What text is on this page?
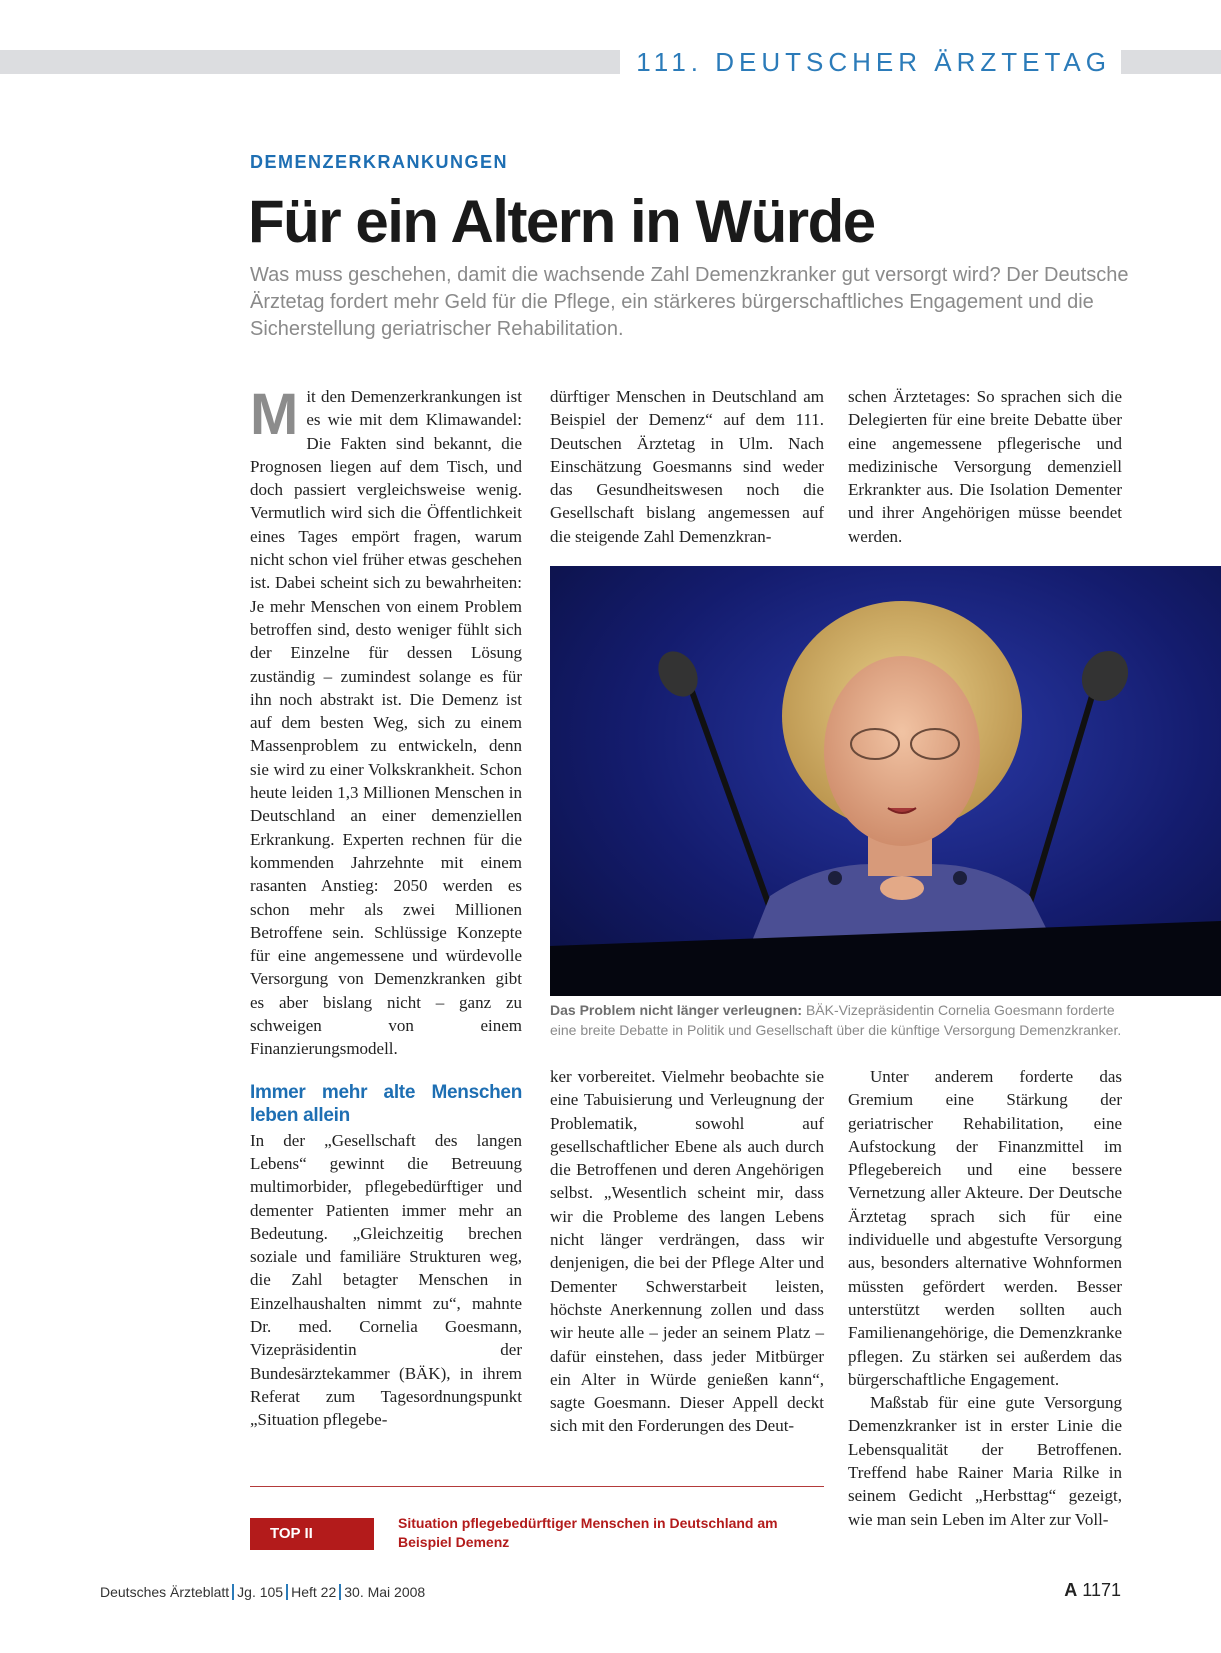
111. DEUTSCHER ÄRZTETAG
DEMENZERKRANKUNGEN
Für ein Altern in Würde

Was muss geschehen, damit die wachsende Zahl Demenzkranker gut versorgt wird? Der Deutsche Ärztetag fordert mehr Geld für die Pflege, ein stärkeres bürgerschaftliches Engagement und die Sicherstellung geriatrischer Rehabilitation.

Mit den Demenzerkrankungen ist es wie mit dem Klimawandel: Die Fakten sind bekannt, die Prognosen liegen auf dem Tisch, und doch passiert vergleichsweise wenig. Vermutlich wird sich die Öffentlichkeit eines Tages empört fragen, warum nicht schon viel früher etwas geschehen ist. Dabei scheint sich zu bewahrheiten: Je mehr Menschen von einem Problem betroffen sind, desto weniger fühlt sich der Einzelne für dessen Lösung zuständig – zumindest solange es für ihn noch abstrakt ist. Die Demenz ist auf dem besten Weg, sich zu einem Massenproblem zu entwickeln, denn sie wird zu einer Volkskrankheit. Schon heute leiden 1,3 Millionen Menschen in Deutschland an einer demenziellen Erkrankung. Experten rechnen für die kommenden Jahrzehnte mit einem rasanten Anstieg: 2050 werden es schon mehr als zwei Millionen Betroffene sein. Schlüssige Konzepte für eine angemessene und würdevolle Versorgung von Demenzkranken gibt es aber bislang nicht – ganz zu schweigen von einem Finanzierungsmodell.

Immer mehr alte Menschen leben allein

In der „Gesellschaft des langen Lebens“ gewinnt die Betreuung multimorbider, pflegebedürftiger und dementer Patienten immer mehr an Bedeutung. „Gleichzeitig brechen soziale und familiäre Strukturen weg, die Zahl betagter Menschen in Einzelhaushalten nimmt zu“, mahnte Dr. med. Cornelia Goesmann, Vizepräsidentin der Bundesärztekammer (BÄK), in ihrem Referat zum Tagesordnungspunkt „Situation pflegebe-

dürftiger Menschen in Deutschland am Beispiel der Demenz“ auf dem 111. Deutschen Ärztetag in Ulm. Nach Einschätzung Goesmanns sind weder das Gesundheitswesen noch die Gesellschaft bislang angemessen auf die steigende Zahl Demenzkran-

schen Ärztetages: So sprachen sich die Delegierten für eine breite Debatte über eine angemessene pflegerische und medizinische Versorgung demenziell Erkrankter aus. Die Isolation Dementer und ihrer Angehörigen müsse beendet werden.

Das Problem nicht länger verleugnen: BÄK-Vizepräsidentin Cornelia Goesmann forderte eine breite Debatte in Politik und Gesellschaft über die künftige Versorgung Demenzkranker.

ker vorbereitet. Vielmehr beobachte sie eine Tabuisierung und Verleugnung der Problematik, sowohl auf gesellschaftlicher Ebene als auch durch die Betroffenen und deren Angehörigen selbst. „Wesentlich scheint mir, dass wir die Probleme des langen Lebens nicht länger verdrängen, dass wir denjenigen, die bei der Pflege Alter und Dementer Schwerstarbeit leisten, höchste Anerkennung zollen und dass wir heute alle – jeder an seinem Platz – dafür einstehen, dass jeder Mitbürger ein Alter in Würde genießen kann“, sagte Goesmann. Dieser Appell deckt sich mit den Forderungen des Deut-

Unter anderem forderte das Gremium eine Stärkung der geriatrischer Rehabilitation, eine Aufstockung der Finanzmittel im Pflegebereich und eine bessere Vernetzung aller Akteure. Der Deutsche Ärztetag sprach sich für eine individuelle und abgestufte Versorgung aus, besonders alternative Wohnformen müssten gefördert werden. Besser unterstützt werden sollten auch Familienangehörige, die Demenzkranke pflegen. Zu stärken sei außerdem das bürgerschaftliche Engagement.

Maßstab für eine gute Versorgung Demenzkranker ist in erster Linie die Lebensqualität der Betroffenen. Treffend habe Rainer Maria Rilke in seinem Gedicht „Herbsttag“ gezeigt, wie man sein Leben im Alter zur Voll-

TOP II
Situation pflegebedürftiger Menschen in Deutschland am Beispiel Demenz
Deutsches Ärzteblatt Jg. 105 Heft 22 30. Mai 2008	A 1171
